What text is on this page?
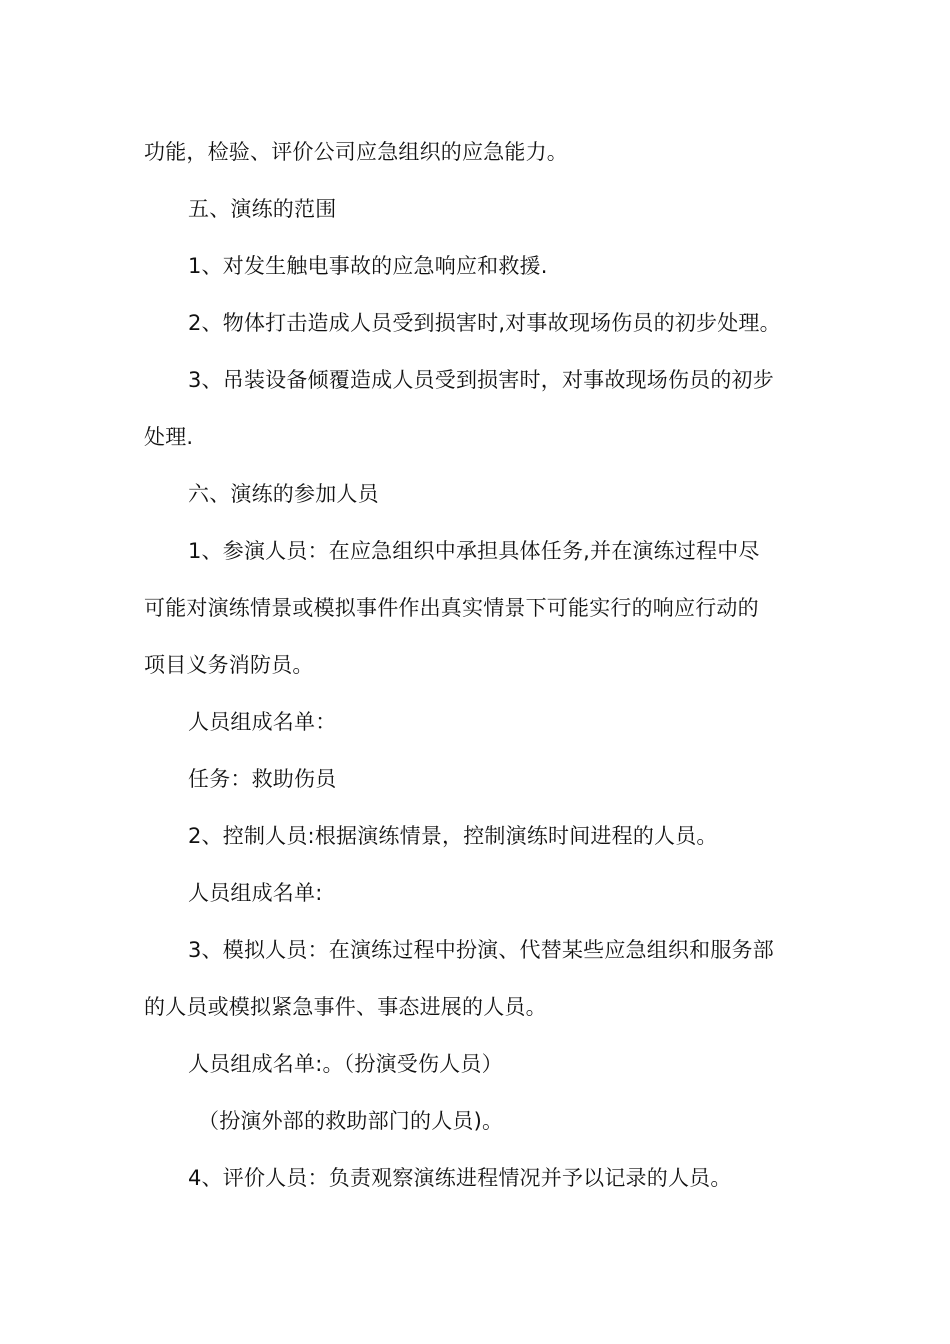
功能，检验、评价公司应急组织的应急能力。

五、演练的范围

1、对发生触电事故的应急响应和救援.

2、物体打击造成人员受到损害时,对事故现场伤员的初步处理。

3、吊装设备倾覆造成人员受到损害时，对事故现场伤员的初步

处理.

六、演练的参加人员

1、参演人员：在应急组织中承担具体任务,并在演练过程中尽

可能对演练情景或模拟事件作出真实情景下可能实行的响应行动的

项目义务消防员。

人员组成名单：

任务：救助伤员

2、控制人员:根据演练情景，控制演练时间进程的人员。

人员组成名单:

3、模拟人员：在演练过程中扮演、代替某些应急组织和服务部

的人员或模拟紧急事件、事态进展的人员。

人员组成名单:。（扮演受伤人员）

（扮演外部的救助部门的人员)。

4、评价人员：负责观察演练进程情况并予以记录的人员。
